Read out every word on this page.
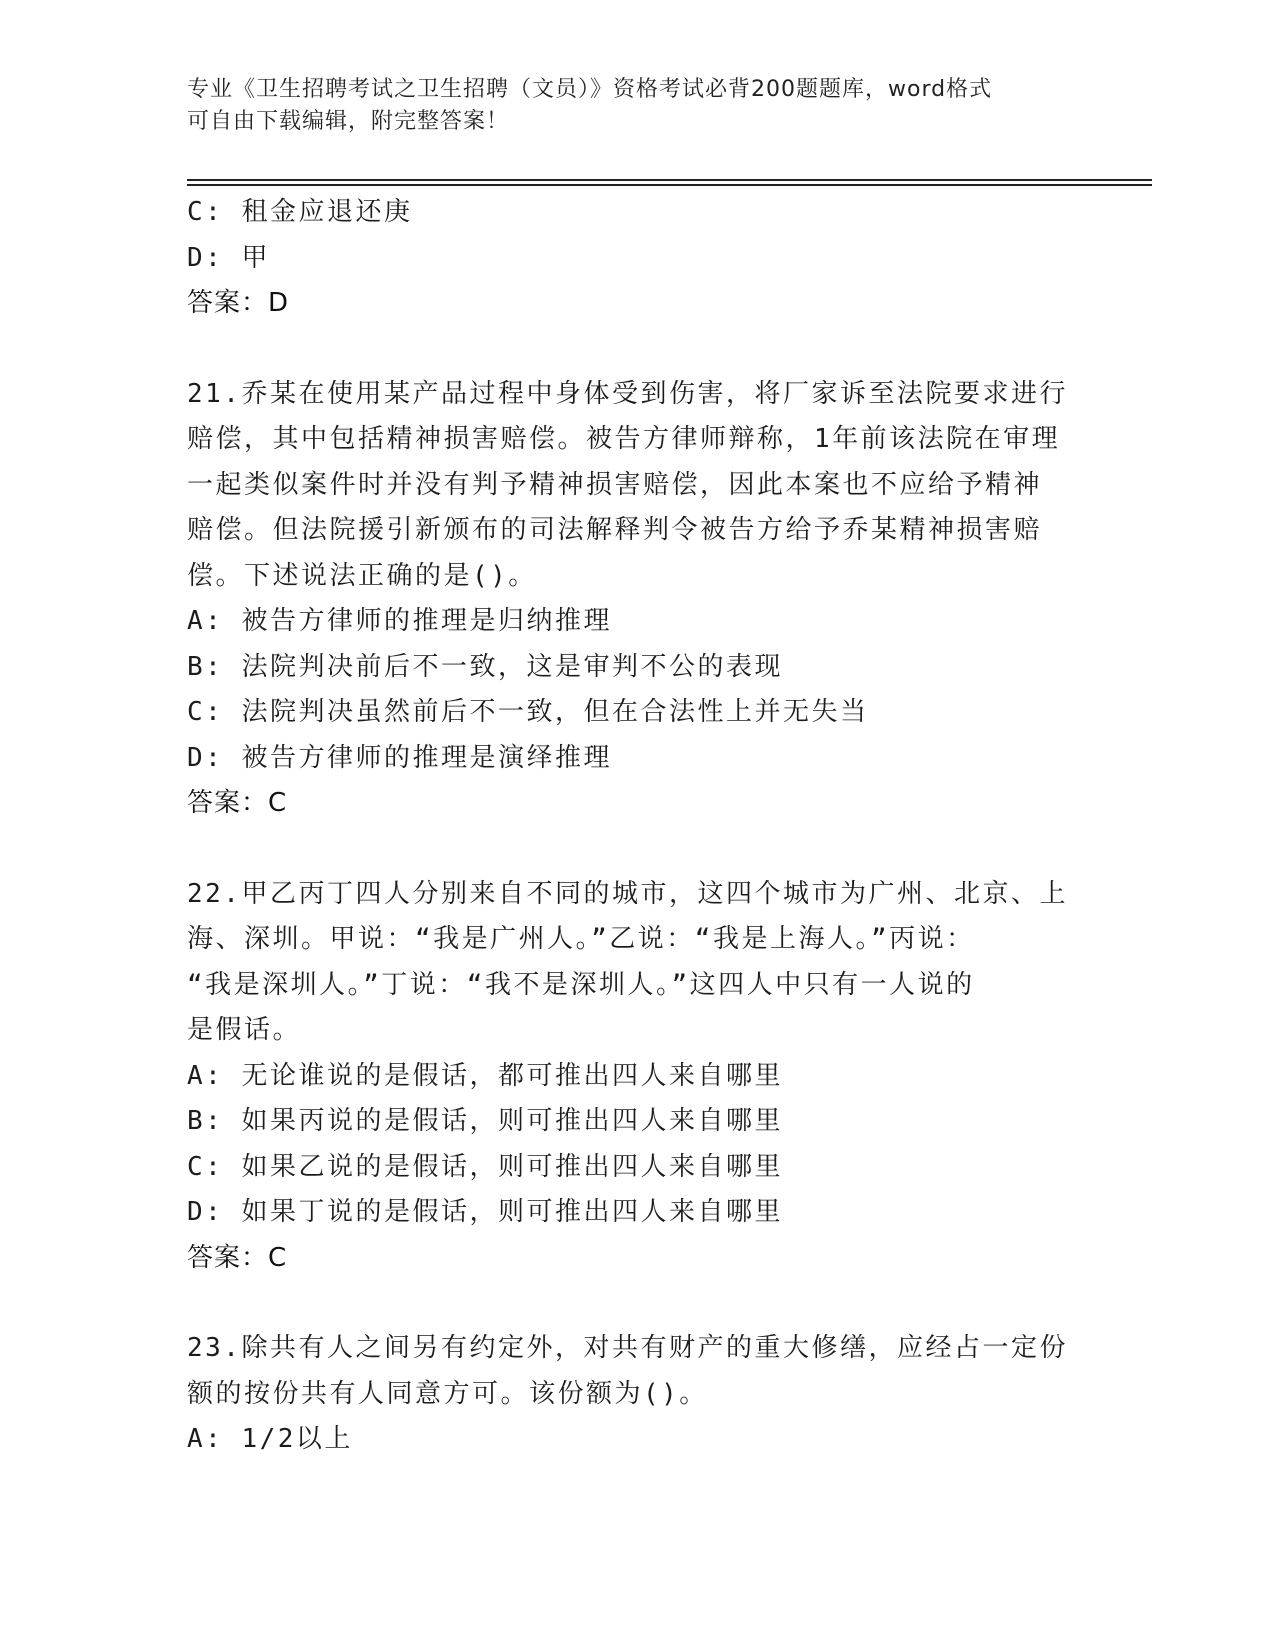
专业《卫生招聘考试之卫生招聘（文员）》资格考试必背200题题库，word格式
可自由下载编辑，附完整答案！
C: 租金应退还庚
D: 甲
答案：D
21.乔某在使用某产品过程中身体受到伤害，将厂家诉至法院要求进行
赔偿，其中包括精神损害赔偿。被告方律师辩称，1年前该法院在审理
一起类似案件时并没有判予精神损害赔偿，因此本案也不应给予精神
赔偿。但法院援引新颁布的司法解释判令被告方给予乔某精神损害赔
偿。下述说法正确的是()。
A: 被告方律师的推理是归纳推理
B: 法院判决前后不一致，这是审判不公的表现
C: 法院判决虽然前后不一致，但在合法性上并无失当
D: 被告方律师的推理是演绎推理
答案：C
22.甲乙丙丁四人分别来自不同的城市，这四个城市为广州、北京、上
海、深圳。甲说：“我是广州人。”乙说：“我是上海人。”丙说：
“我是深圳人。”丁说：“我不是深圳人。”这四人中只有一人说的
是假话。
A: 无论谁说的是假话，都可推出四人来自哪里
B: 如果丙说的是假话，则可推出四人来自哪里
C: 如果乙说的是假话，则可推出四人来自哪里
D: 如果丁说的是假话，则可推出四人来自哪里
答案：C
23.除共有人之间另有约定外，对共有财产的重大修缮，应经占一定份
额的按份共有人同意方可。该份额为()。
A: 1/2以上
